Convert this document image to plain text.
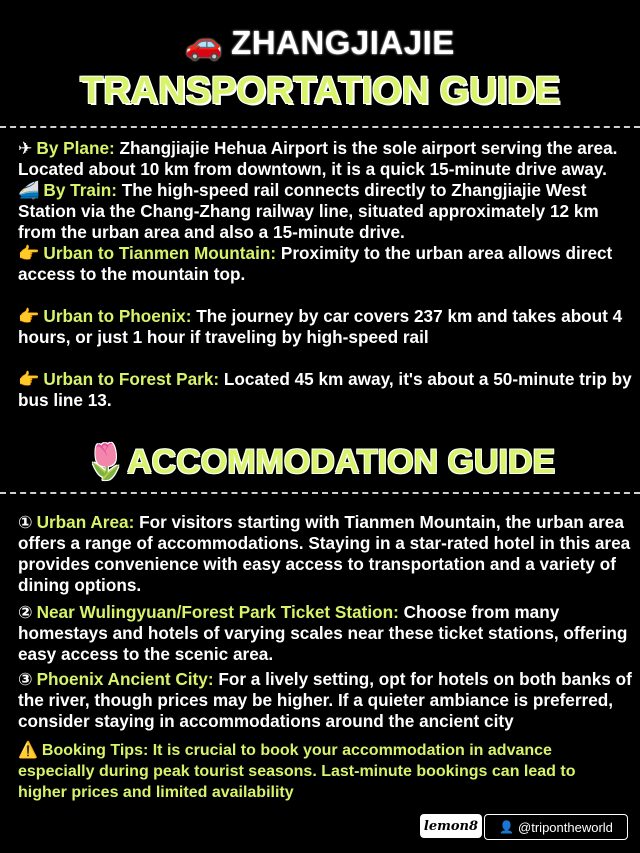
🚗 ZHANGJIAJIE
TRANSPORTATION GUIDE

✈ By Plane: Zhangjiajie Hehua Airport is the sole airport serving the area. Located about 10 km from downtown, it is a quick 15-minute drive away.

🚄 By Train: The high-speed rail connects directly to Zhangjiajie West Station via the Chang-Zhang railway line, situated approximately 12 km from the urban area and also a 15-minute drive.

👉 Urban to Tianmen Mountain: Proximity to the urban area allows direct access to the mountain top.

👉 Urban to Phoenix: The journey by car covers 237 km and takes about 4 hours, or just 1 hour if traveling by high-speed rail

👉 Urban to Forest Park: Located 45 km away, it's about a 50-minute trip by bus line 13.

🌷ACCOMMODATION GUIDE

① Urban Area: For visitors starting with Tianmen Mountain, the urban area offers a range of accommodations. Staying in a star-rated hotel in this area provides convenience with easy access to transportation and a variety of dining options.

② Near Wulingyuan/Forest Park Ticket Station: Choose from many homestays and hotels of varying scales near these ticket stations, offering easy access to the scenic area.

③ Phoenix Ancient City: For a lively setting, opt for hotels on both banks of the river, though prices may be higher. If a quieter ambiance is preferred, consider staying in accommodations around the ancient city

⚠️ Booking Tips: It is crucial to book your accommodation in advance especially during peak tourist seasons. Last-minute bookings can lead to higher prices and limited availability

lemon8	👤 @tripontheworld
